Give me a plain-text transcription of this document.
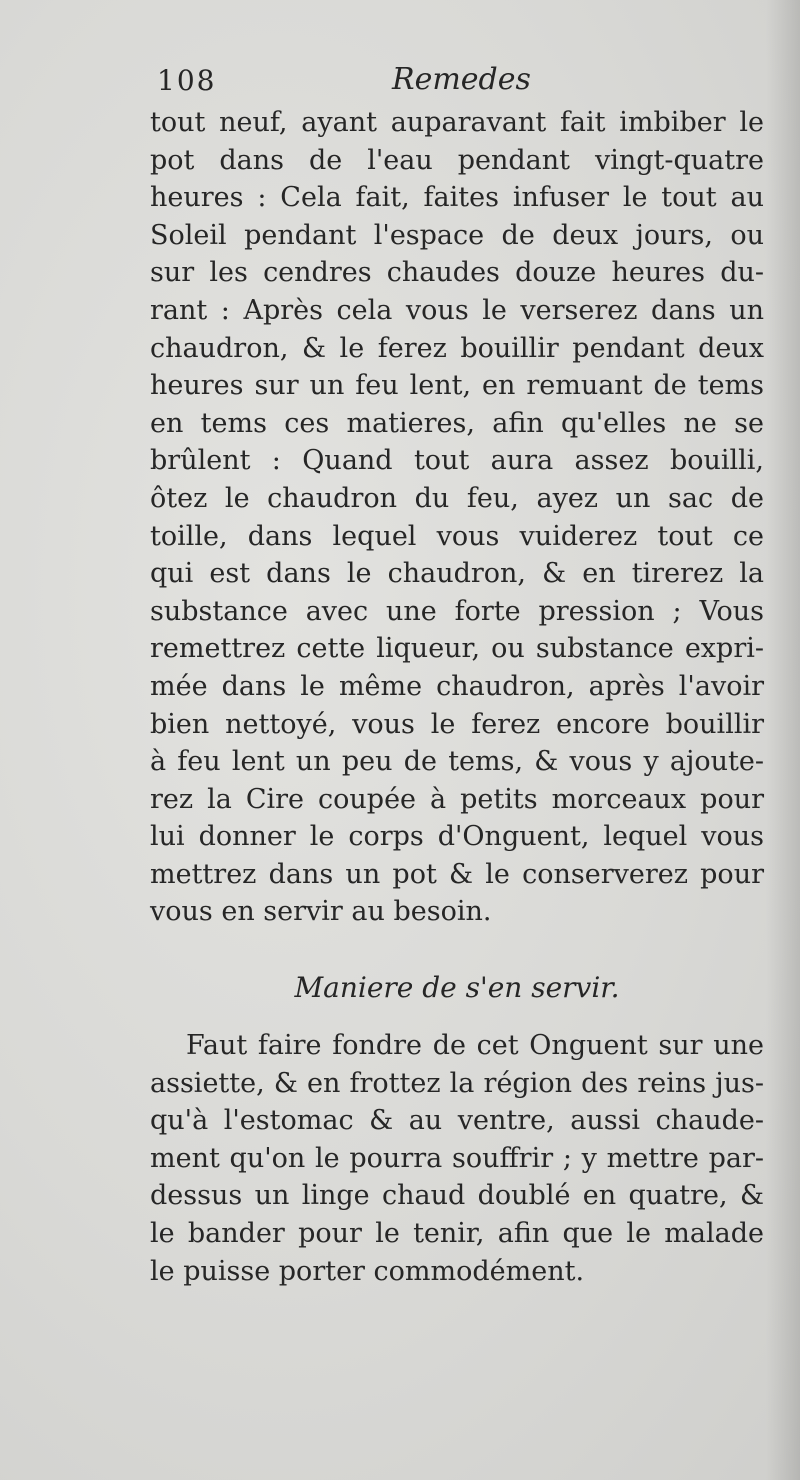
108	Remedes
tout neuf, ayant auparavant fait imbiber le
pot dans de l'eau pendant vingt-quatre
heures : Cela fait, faites infuser le tout au
Soleil pendant l'espace de deux jours, ou
sur les cendres chaudes douze heures du-
rant : Après cela vous le verserez dans un
chaudron, & le ferez bouillir pendant deux
heures sur un feu lent, en remuant de tems
en tems ces matieres, afin qu'elles ne se
brûlent : Quand tout aura assez bouilli,
ôtez le chaudron du feu, ayez un sac de
toille, dans lequel vous vuiderez tout ce
qui est dans le chaudron, & en tirerez la
substance avec une forte pression ; Vous
remettrez cette liqueur, ou substance expri-
mée dans le même chaudron, après l'avoir
bien nettoyé, vous le ferez encore bouillir
à feu lent un peu de tems, & vous y ajoute-
rez la Cire coupée à petits morceaux pour
lui donner le corps d'Onguent, lequel vous
mettrez dans un pot & le conserverez pour
vous en servir au besoin.
Maniere de s'en servir.
Faut faire fondre de cet Onguent sur une
assiette, & en frottez la région des reins jus-
qu'à l'estomac & au ventre, aussi chaude-
ment qu'on le pourra souffrir ; y mettre par-
dessus un linge chaud doublé en quatre, &
le bander pour le tenir, afin que le malade
le puisse porter commodément.
